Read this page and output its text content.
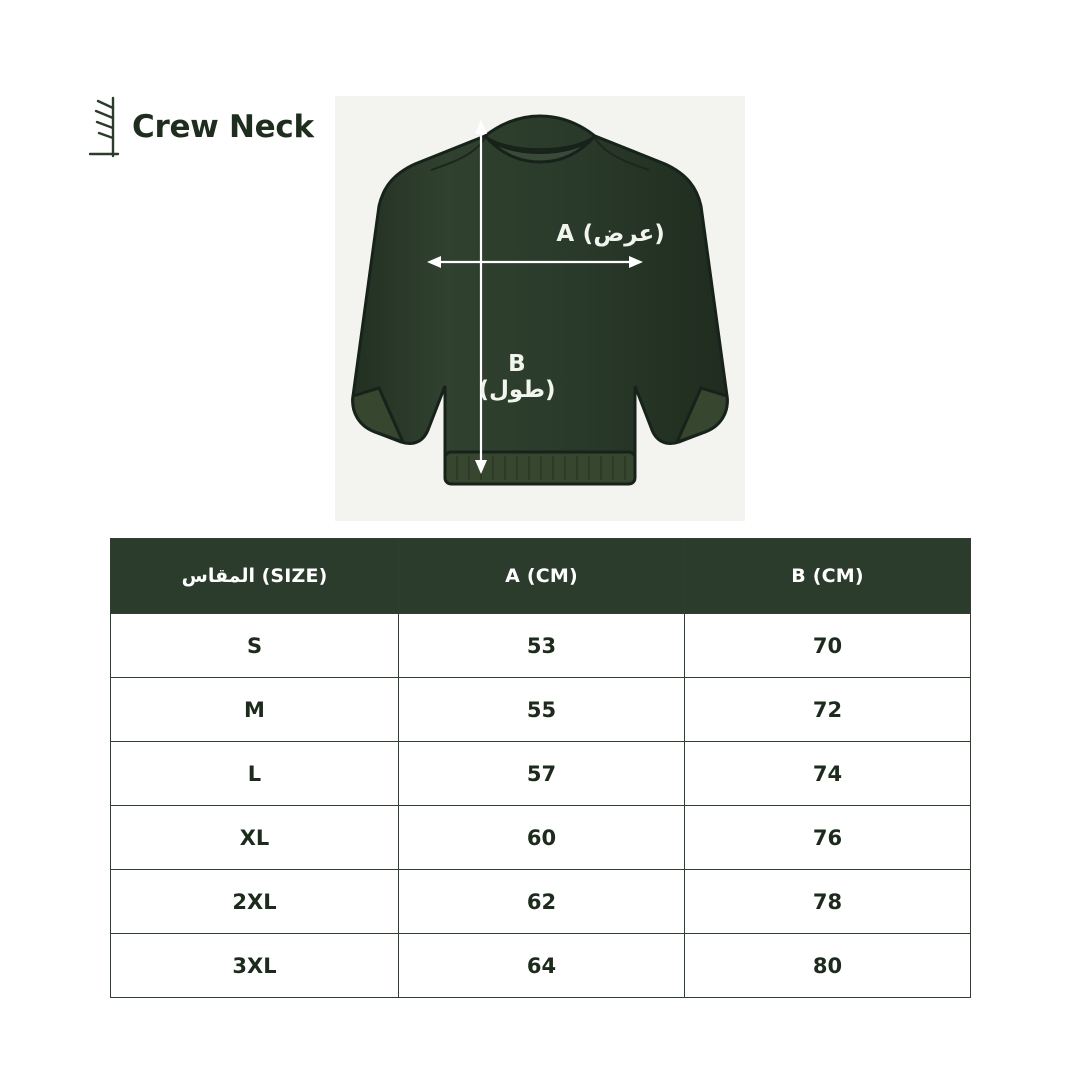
Crew Neck
A (عرض)
B
(طول)
المقاس (SIZE)	A (CM)	B (CM)
S	53	70
M	55	72
L	57	74
XL	60	76
2XL	62	78
3XL	64	80
